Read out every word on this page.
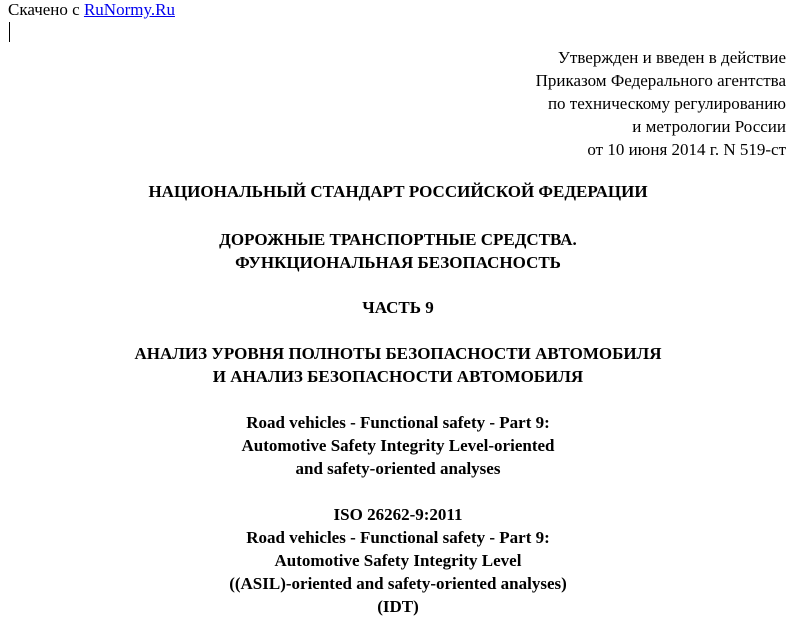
Скачено с RuNormy.Ru
Утвержден и введен в действие
Приказом Федерального агентства
по техническому регулированию
и метрологии России
от 10 июня 2014 г. N 519-ст
НАЦИОНАЛЬНЫЙ СТАНДАРТ РОССИЙСКОЙ ФЕДЕРАЦИИ
ДОРОЖНЫЕ ТРАНСПОРТНЫЕ СРЕДСТВА.
ФУНКЦИОНАЛЬНАЯ БЕЗОПАСНОСТЬ
ЧАСТЬ 9
АНАЛИЗ УРОВНЯ ПОЛНОТЫ БЕЗОПАСНОСТИ АВТОМОБИЛЯ
И АНАЛИЗ БЕЗОПАСНОСТИ АВТОМОБИЛЯ
Road vehicles - Functional safety - Part 9:
Automotive Safety Integrity Level-oriented
and safety-oriented analyses
ISO 26262-9:2011
Road vehicles - Functional safety - Part 9:
Automotive Safety Integrity Level
((ASIL)-oriented and safety-oriented analyses)
(IDT)
